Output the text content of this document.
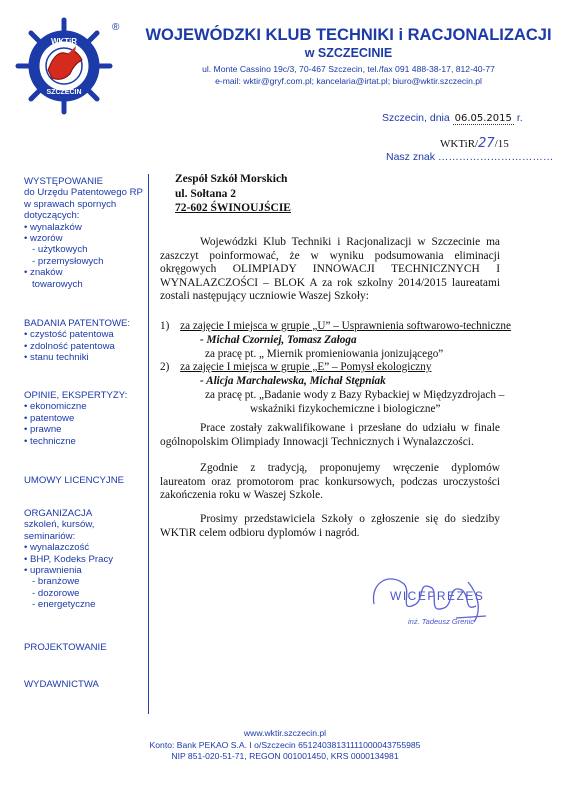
WKTiR
SZCZECIN
®	WOJEWÓDZKI KLUB TECHNIKI i RACJONALIZACJI
w SZCZECINIE
ul. Monte Cassino 19c/3, 70-467 Szczecin, tel./fax 091 488-38-17, 812-40-77
e-mail: wktir@gryf.com.pl; kancelaria@irtat.pl; biuro@wktir.szczecin.pl
Szczecin, dnia 06.05.2015 r.
WKTiR/27/15
Nasz znak ……………………………
WYSTĘPOWANIE
do Urzędu Patentowego RP
w sprawach spornych
dotyczących:
• wynalazków
• wzorów
- użytkowych
- przemysłowych
• znaków
towarowych
BADANIA PATENTOWE:
• czystość patentowa
• zdolność patentowa
• stanu techniki
OPINIE, EKSPERTYZY:
• ekonomiczne
• patentowe
• prawne
• techniczne
UMOWY LICENCYJNE
ORGANIZACJA
szkoleń, kursów,
seminariów:
• wynalazczość
• BHP, Kodeks Pracy
• uprawnienia
- branżowe
- dozorowe
- energetyczne
PROJEKTOWANIE
WYDAWNICTWA
Zespół Szkół Morskich
ul. Sołtana 2
72-602 ŚWINOUJŚCIE
Wojewódzki Klub Techniki i Racjonalizacji w Szczecinie ma zaszczyt poinformować, że w wyniku podsumowania eliminacji okręgowych OLIMPIADY INNOWACJI TECHNICZNYCH I WYNALAZCZOŚCI – BLOK A za rok szkolny 2014/2015 laureatami zostali następujący uczniowie Waszej Szkoły:
1) za zajęcie I miejsca w grupie „U” – Usprawnienia softwarowo-techniczne
- Michał Czorniej, Tomasz Załoga
za pracę pt. „ Miernik promieniowania jonizującego”
2) za zajęcie I miejsca w grupie „E” – Pomysł ekologiczny
- Alicja Marchalewska, Michał Stępniak
za pracę pt. „Badanie wody z Bazy Rybackiej w Międzyzdrojach –
wskaźniki fizykochemiczne i biologiczne”
Prace zostały zakwalifikowane i przesłane do udziału w finale ogólnopolskim Olimpiady Innowacji Technicznych i Wynalazczości.
Zgodnie z tradycją, proponujemy wręczenie dyplomów laureatom oraz promotorom prac konkursowych, podczas uroczystości zakończenia roku w Waszej Szkole.
Prosimy przedstawiciela Szkoły o zgłoszenie się do siedziby WKTiR celem odbioru dyplomów i nagród.
WICEPREZES
inż. Tadeusz Grenic
www.wktir.szczecin.pl
Konto: Bank PEKAO S.A. I o/Szczecin 65124038131111000043755985
NIP 851-020-51-71, REGON 001001450, KRS 0000134981
